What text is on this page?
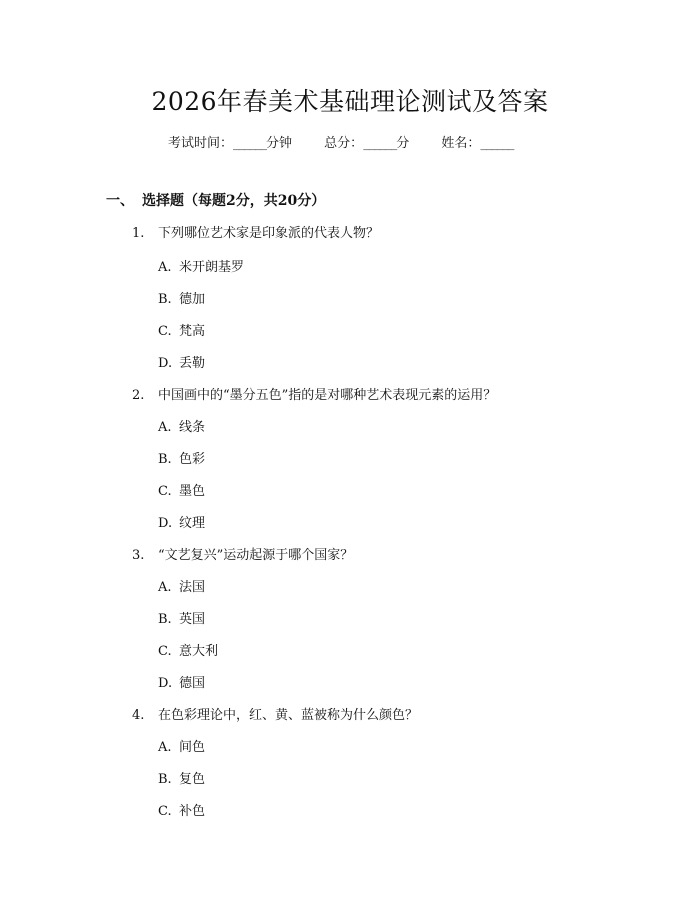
2026年春美术基础理论测试及答案
考试时间：______分钟 总分：______分 姓名：______
一、 选择题（每题2分，共20分）
1. 下列哪位艺术家是印象派的代表人物？
A. 米开朗基罗
B. 德加
C. 梵高
D. 丢勒
2. 中国画中的“墨分五色”指的是对哪种艺术表现元素的运用？
A. 线条
B. 色彩
C. 墨色
D. 纹理
3. “文艺复兴”运动起源于哪个国家？
A. 法国
B. 英国
C. 意大利
D. 德国
4. 在色彩理论中，红、黄、蓝被称为什么颜色？
A. 间色
B. 复色
C. 补色
